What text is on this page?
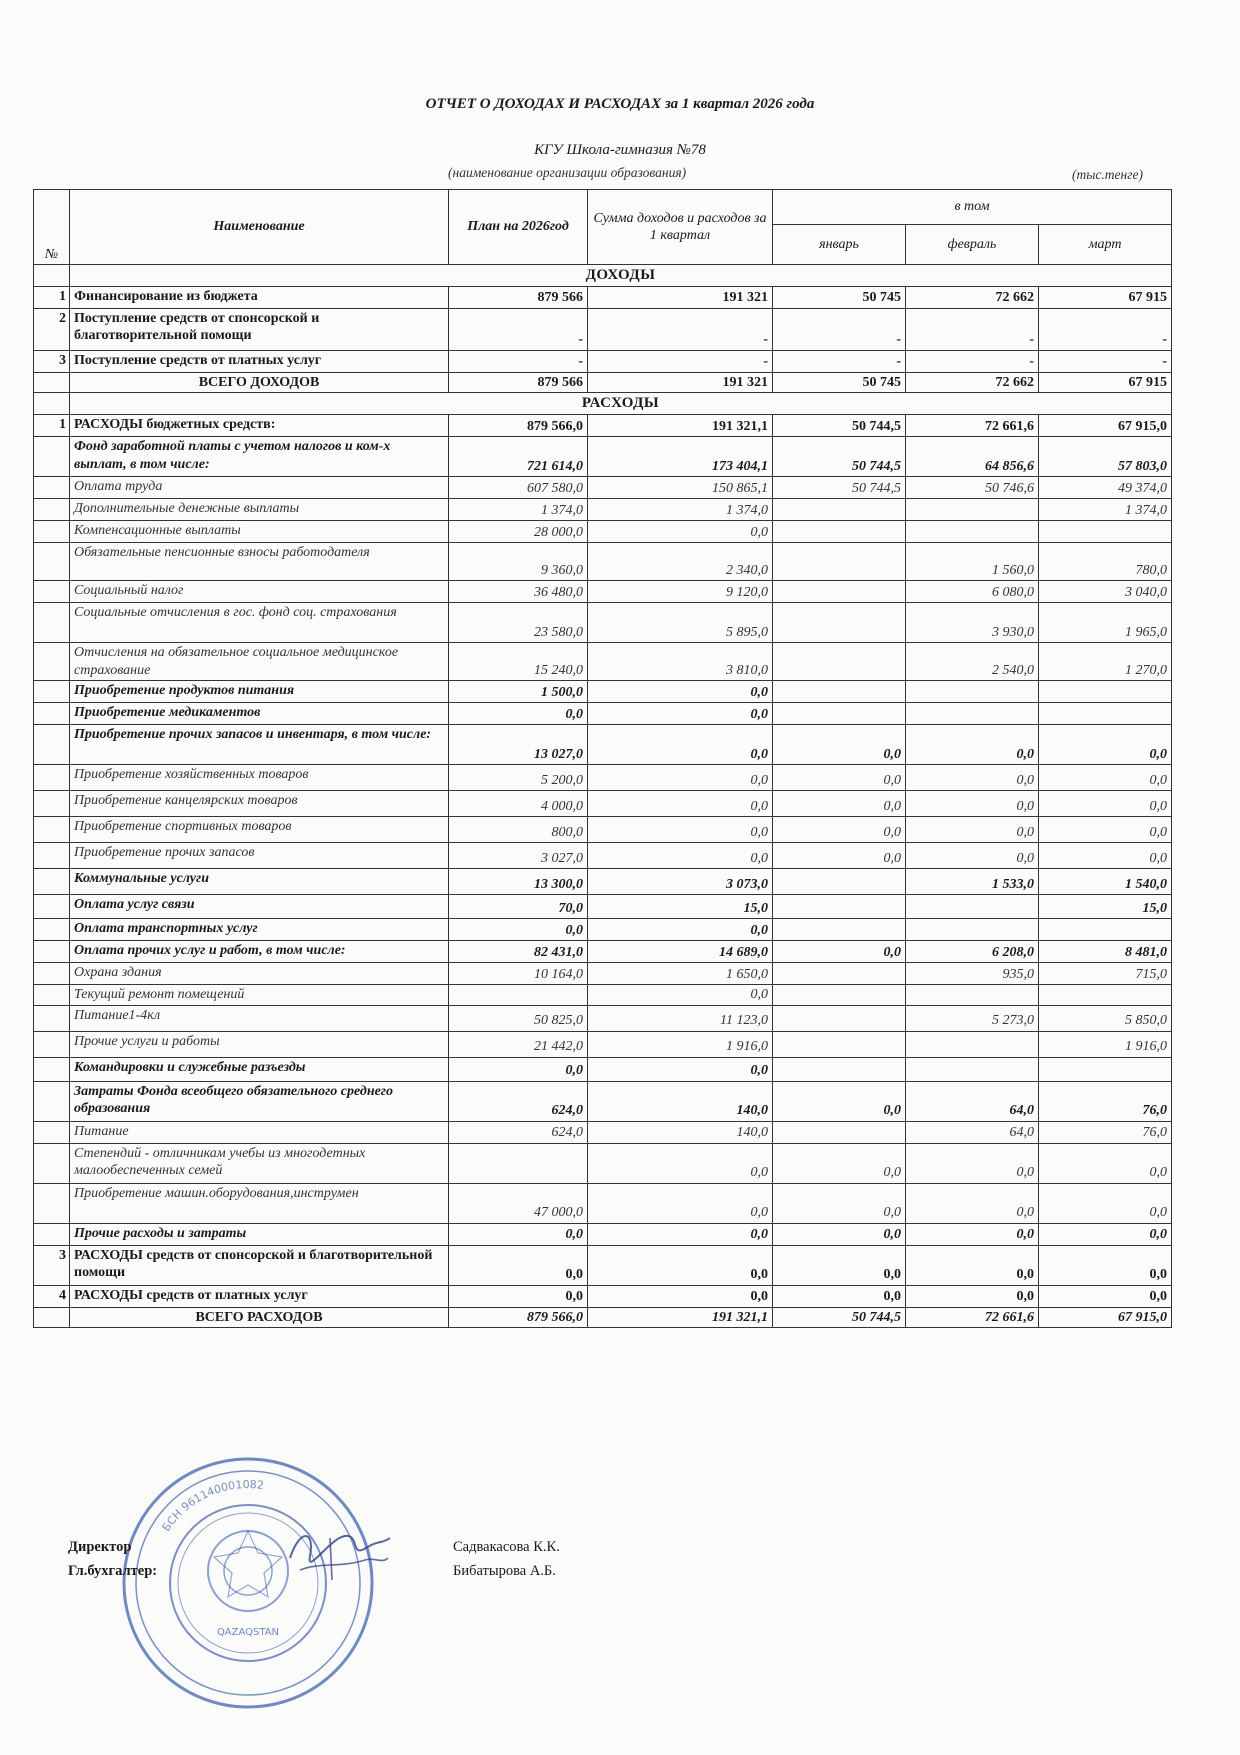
ОТЧЕТ О ДОХОДАХ И РАСХОДАХ за 1 квартал 2026 года
КГУ Школа-гимназия №78
(наименование организации образования)	(тыс.тенге)
№	Наименование	План на 2026год	Сумма доходов и расходов за 1 квартал	в том		
				январь	февраль	март
	ДОХОДЫ					
1	Финансирование из бюджета	879 566	191 321	50 745	72 662	67 915
2	Поступление средств от спонсорской и благотворительной помощи	-	-	-	-	-
3	Поступление средств от платных услуг	-	-	-	-	-
	ВСЕГО ДОХОДОВ	879 566	191 321	50 745	72 662	67 915
	РАСХОДЫ					
1	РАСХОДЫ бюджетных средств:	879 566,0	191 321,1	50 744,5	72 661,6	67 915,0
	Фонд заработной платы с учетом налогов и ком-х выплат, в том числе:	721 614,0	173 404,1	50 744,5	64 856,6	57 803,0
	Оплата труда	607 580,0	150 865,1	50 744,5	50 746,6	49 374,0
	Дополнительные денежные выплаты	1 374,0	1 374,0			1 374,0
	Компенсационные выплаты	28 000,0	0,0			
	Обязательные пенсионные взносы работодателя	9 360,0	2 340,0		1 560,0	780,0
	Социальный налог	36 480,0	9 120,0		6 080,0	3 040,0
	Социальные отчисления в гос. фонд соц. страхования	23 580,0	5 895,0		3 930,0	1 965,0
	Отчисления на обязательное социальное медицинское страхование	15 240,0	3 810,0		2 540,0	1 270,0
	Приобретение продуктов питания	1 500,0	0,0			
	Приобретение медикаментов	0,0	0,0			
	Приобретение прочих запасов и инвентаря, в том числе:	13 027,0	0,0	0,0	0,0	0,0
	Приобретение хозяйственных товаров	5 200,0	0,0	0,0	0,0	0,0
	Приобретение канцелярских товаров	4 000,0	0,0	0,0	0,0	0,0
	Приобретение спортивных товаров	800,0	0,0	0,0	0,0	0,0
	Приобретение прочих запасов	3 027,0	0,0	0,0	0,0	0,0
	Коммунальные услуги	13 300,0	3 073,0		1 533,0	1 540,0
	Оплата услуг связи	70,0	15,0			15,0
	Оплата транспортных услуг	0,0	0,0			
	Оплата прочих услуг и работ, в том числе:	82 431,0	14 689,0	0,0	6 208,0	8 481,0
	Охрана здания	10 164,0	1 650,0		935,0	715,0
	Текущий ремонт помещений		0,0			
	Питание1-4кл	50 825,0	11 123,0		5 273,0	5 850,0
	Прочие услуги и работы	21 442,0	1 916,0			1 916,0
	Командировки и служебные разъезды	0,0	0,0			
	Затраты Фонда всеобщего обязательного среднего образования	624,0	140,0	0,0	64,0	76,0
	Питание	624,0	140,0		64,0	76,0
	Степендий - отличникам учебы из многодетных малообеспеченных семей		0,0	0,0	0,0	0,0
	Приобретение машин.оборудования,инструмен	47 000,0	0,0	0,0	0,0	0,0
	Прочие расходы и затраты	0,0	0,0	0,0	0,0	0,0
3	РАСХОДЫ средств от спонсорской и благотворительной помощи	0,0	0,0	0,0	0,0	0,0
4	РАСХОДЫ средств от платных услуг	0,0	0,0	0,0	0,0	0,0
	ВСЕГО РАСХОДОВ	879 566,0	191 321,1	50 744,5	72 661,6	67 915,0
QAZAQSTAN
БСН 961140001082
Директор
Гл.бухгалтер:
Садвакасова К.К.
Бибатырова А.Б.
